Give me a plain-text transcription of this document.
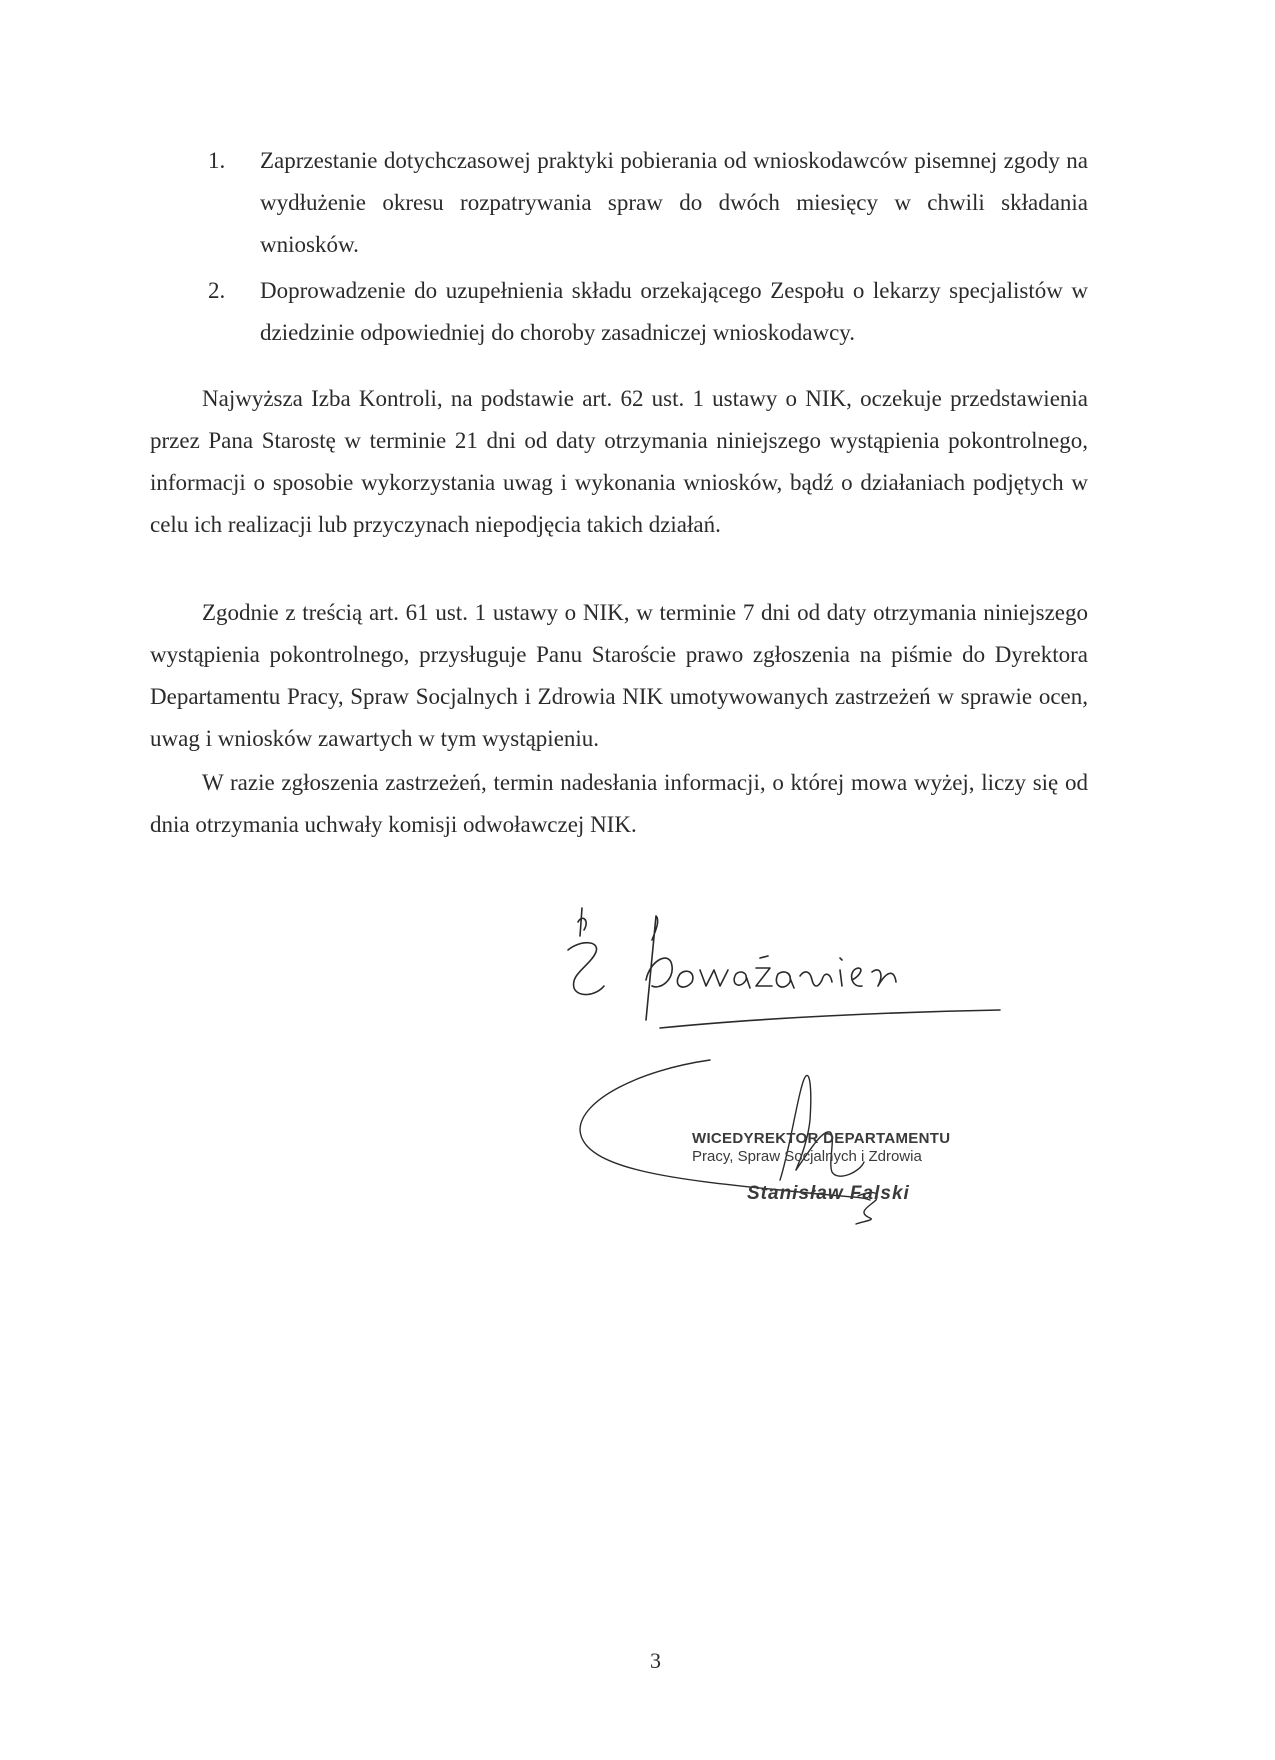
1. Zaprzestanie dotychczasowej praktyki pobierania od wnioskodawców pisemnej zgody na wydłużenie okresu rozpatrywania spraw do dwóch miesięcy w chwili składania wniosków.
2. Doprowadzenie do uzupełnienia składu orzekającego Zespołu o lekarzy specjalistów w dziedzinie odpowiedniej do choroby zasadniczej wnioskodawcy.

Najwyższa Izba Kontroli, na podstawie art. 62 ust. 1 ustawy o NIK, oczekuje przedstawienia przez Pana Starostę w terminie 21 dni od daty otrzymania niniejszego wystąpienia pokontrolnego, informacji o sposobie wykorzystania uwag i wykonania wniosków, bądź o działaniach podjętych w celu ich realizacji lub przyczynach niepodjęcia takich działań.

Zgodnie z treścią art. 61 ust. 1 ustawy o NIK, w terminie 7 dni od daty otrzymania niniejszego wystąpienia pokontrolnego, przysługuje Panu Staroście prawo zgłoszenia na piśmie do Dyrektora Departamentu Pracy, Spraw Socjalnych i Zdrowia NIK umotywowanych zastrzeżeń w sprawie ocen, uwag i wniosków zawartych w tym wystąpieniu.

W razie zgłoszenia zastrzeżeń, termin nadesłania informacji, o której mowa wyżej, liczy się od dnia otrzymania uchwały komisji odwoławczej NIK.

WICEDYREKTOR DEPARTAMENTU
Pracy, Spraw Socjalnych i Zdrowia
Stanisław Falski
3
